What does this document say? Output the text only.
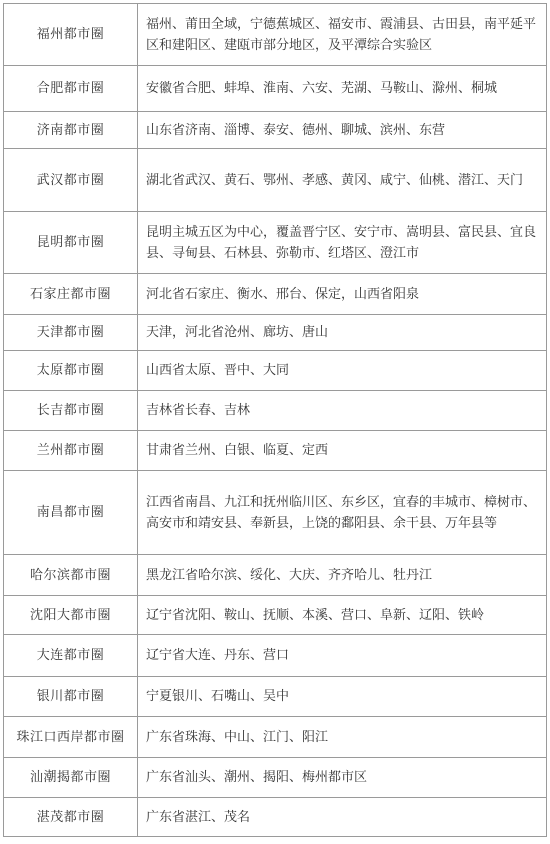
福州都市圈	福州、莆田全域，宁德蕉城区、福安市、霞浦县、古田县，南平延平区和建阳区、建瓯市部分地区，及平潭综合实验区
合肥都市圈	安徽省合肥、蚌埠、淮南、六安、芜湖、马鞍山、滁州、桐城
济南都市圈	山东省济南、淄博、泰安、德州、聊城、滨州、东营
武汉都市圈	湖北省武汉、黄石、鄂州、孝感、黄冈、咸宁、仙桃、潜江、天门
昆明都市圈	昆明主城五区为中心，覆盖晋宁区、安宁市、嵩明县、富民县、宜良县、寻甸县、石林县、弥勒市、红塔区、澄江市
石家庄都市圈	河北省石家庄、衡水、邢台、保定，山西省阳泉
天津都市圈	天津，河北省沧州、廊坊、唐山
太原都市圈	山西省太原、晋中、大同
长吉都市圈	吉林省长春、吉林
兰州都市圈	甘肃省兰州、白银、临夏、定西
南昌都市圈	江西省南昌、九江和抚州临川区、东乡区，宜春的丰城市、樟树市、高安市和靖安县、奉新县，上饶的鄱阳县、余干县、万年县等
哈尔滨都市圈	黑龙江省哈尔滨、绥化、大庆、齐齐哈儿、牡丹江
沈阳大都市圈	辽宁省沈阳、鞍山、抚顺、本溪、营口、阜新、辽阳、铁岭
大连都市圈	辽宁省大连、丹东、营口
银川都市圈	宁夏银川、石嘴山、吴中
珠江口西岸都市圈	广东省珠海、中山、江门、阳江
汕潮揭都市圈	广东省汕头、潮州、揭阳、梅州都市区
湛茂都市圈	广东省湛江、茂名
